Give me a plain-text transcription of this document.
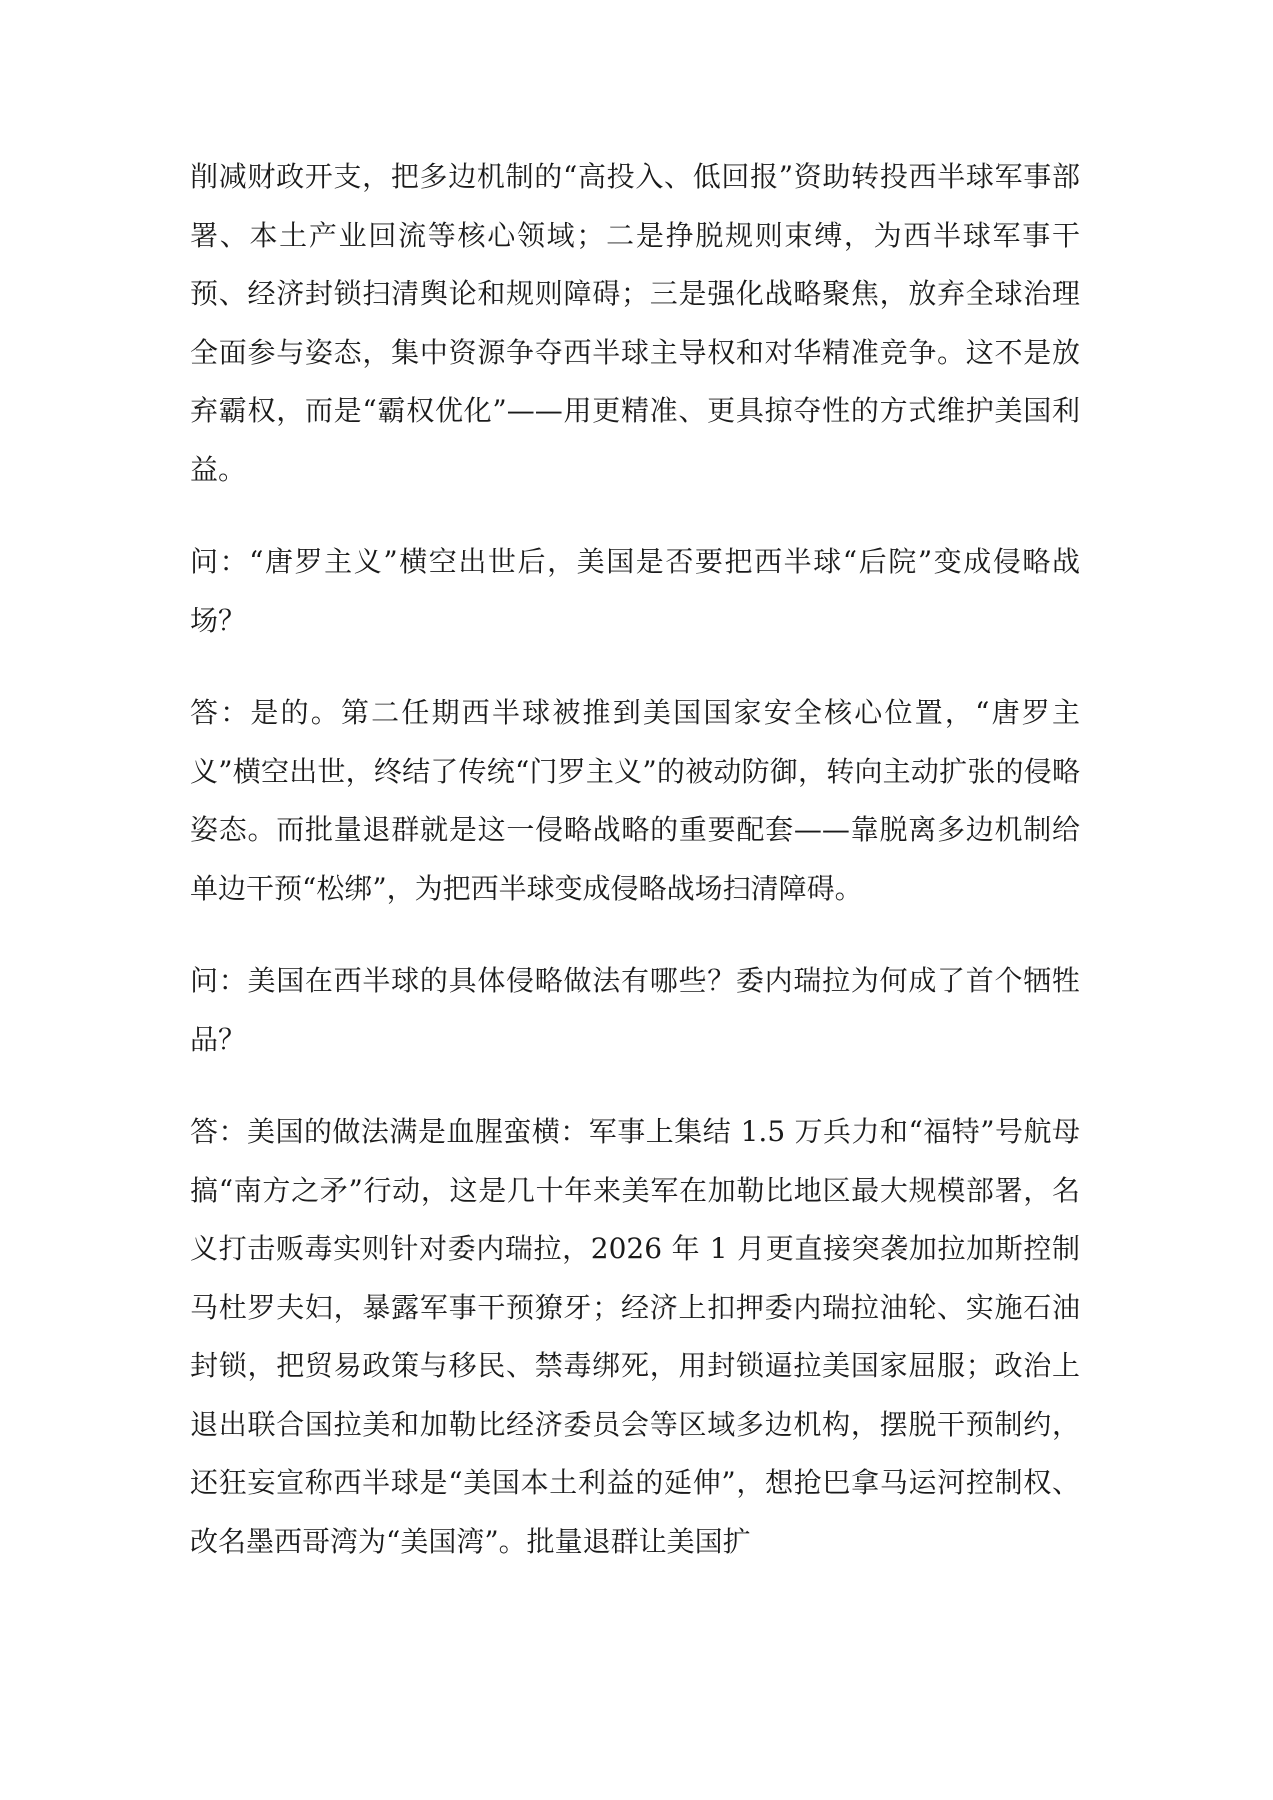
削减财政开支，把多边机制的“高投入、低回报”资助转投西半球军事部署、本土产业回流等核心领域；二是挣脱规则束缚，为西半球军事干预、经济封锁扫清舆论和规则障碍；三是强化战略聚焦，放弃全球治理全面参与姿态，集中资源争夺西半球主导权和对华精准竞争。这不是放弃霸权，而是“霸权优化”——用更精准、更具掠夺性的方式维护美国利益。

问：“唐罗主义”横空出世后，美国是否要把西半球“后院”变成侵略战场？

答：是的。第二任期西半球被推到美国国家安全核心位置，“唐罗主义”横空出世，终结了传统“门罗主义”的被动防御，转向主动扩张的侵略姿态。而批量退群就是这一侵略战略的重要配套——靠脱离多边机制给单边干预“松绑”，为把西半球变成侵略战场扫清障碍。

问：美国在西半球的具体侵略做法有哪些？委内瑞拉为何成了首个牺牲品？

答：美国的做法满是血腥蛮横：军事上集结 1.5 万兵力和“福特”号航母搞“南方之矛”行动，这是几十年来美军在加勒比地区最大规模部署，名义打击贩毒实则针对委内瑞拉，2026 年 1 月更直接突袭加拉加斯控制马杜罗夫妇，暴露军事干预獠牙；经济上扣押委内瑞拉油轮、实施石油封锁，把贸易政策与移民、禁毒绑死，用封锁逼拉美国家屈服；政治上退出联合国拉美和加勒比经济委员会等区域多边机构，摆脱干预制约，还狂妄宣称西半球是“美国本土利益的延伸”，想抢巴拿马运河控制权、改名墨西哥湾为“美国湾”。批量退群让美国扩
